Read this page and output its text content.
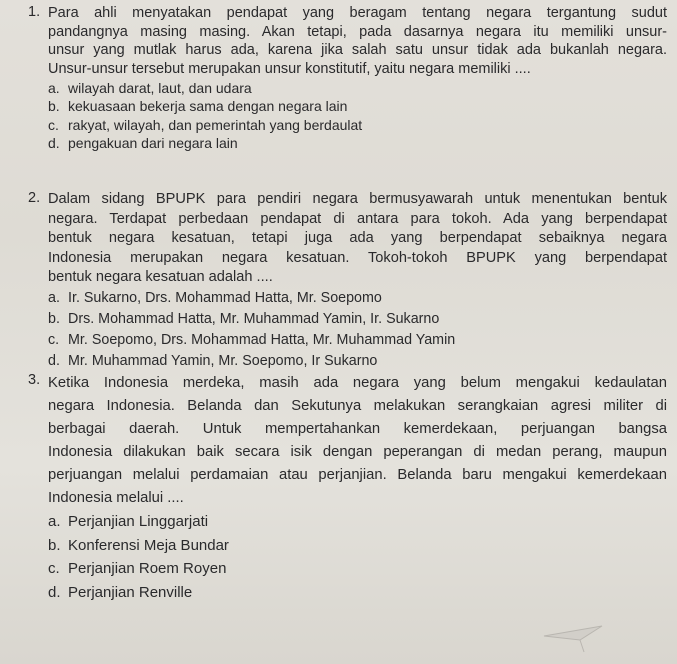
1. Para ahli menyatakan pendapat yang beragam tentang negara tergantung sudut
pandangnya masing masing. Akan tetapi, pada dasarnya negara itu memiliki unsur-
unsur yang mutlak harus ada, karena jika salah satu unsur tidak ada bukanlah negara.
Unsur-unsur tersebut merupakan unsur konstitutif, yaitu negara memiliki ....
a. wilayah darat, laut, dan udara
b. kekuasaan bekerja sama dengan negara lain
c. rakyat, wilayah, dan pemerintah yang berdaulat
d. pengakuan dari negara lain
2. Dalam sidang BPUPK para pendiri negara bermusyawarah untuk menentukan bentuk
negara. Terdapat perbedaan pendapat di antara para tokoh. Ada yang berpendapat
bentuk negara kesatuan, tetapi juga ada yang berpendapat sebaiknya negara
Indonesia merupakan negara kesatuan. Tokoh-tokoh BPUPK yang berpendapat
bentuk negara kesatuan adalah ....
a. Ir. Sukarno, Drs. Mohammad Hatta, Mr. Soepomo
b. Drs. Mohammad Hatta, Mr. Muhammad Yamin, Ir. Sukarno
c. Mr. Soepomo, Drs. Mohammad Hatta, Mr. Muhammad Yamin
d. Mr. Muhammad Yamin, Mr. Soepomo, Ir Sukarno
3. Ketika Indonesia merdeka, masih ada negara yang belum mengakui kedaulatan
negara Indonesia. Belanda dan Sekutunya melakukan serangkaian agresi militer di
berbagai daerah. Untuk mempertahankan kemerdekaan, perjuangan bangsa
Indonesia dilakukan baik secara isik dengan peperangan di medan perang, maupun
perjuangan melalui perdamaian atau perjanjian. Belanda baru mengakui kemerdekaan
Indonesia melalui ....
a. Perjanjian Linggarjati
b. Konferensi Meja Bundar
c. Perjanjian Roem Royen
d. Perjanjian Renville
